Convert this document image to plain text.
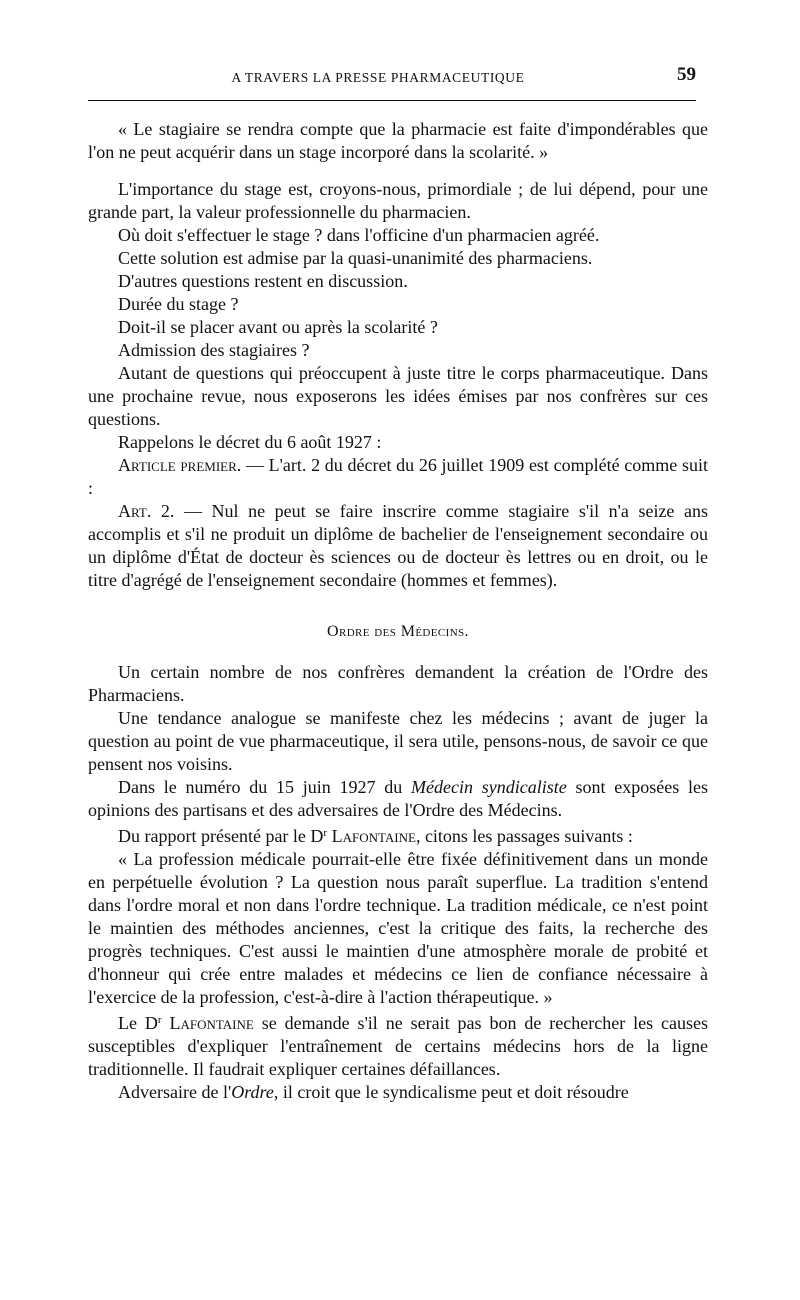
A TRAVERS LA PRESSE PHARMACEUTIQUE	59

« Le stagiaire se rendra compte que la pharmacie est faite d'impondérables que l'on ne peut acquérir dans un stage incorporé dans la scolarité. »

L'importance du stage est, croyons-nous, primordiale ; de lui dépend, pour une grande part, la valeur professionnelle du pharmacien.

Où doit s'effectuer le stage ? dans l'officine d'un pharmacien agréé.

Cette solution est admise par la quasi-unanimité des pharmaciens.

D'autres questions restent en discussion.

Durée du stage ?

Doit-il se placer avant ou après la scolarité ?

Admission des stagiaires ?

Autant de questions qui préoccupent à juste titre le corps pharmaceutique. Dans une prochaine revue, nous exposerons les idées émises par nos confrères sur ces questions.

Rappelons le décret du 6 août 1927 :

Article premier. — L'art. 2 du décret du 26 juillet 1909 est complété comme suit :

Art. 2. — Nul ne peut se faire inscrire comme stagiaire s'il n'a seize ans accomplis et s'il ne produit un diplôme de bachelier de l'enseignement secondaire ou un diplôme d'État de docteur ès sciences ou de docteur ès lettres ou en droit, ou le titre d'agrégé de l'enseignement secondaire (hommes et femmes).

Ordre des Médecins.

Un certain nombre de nos confrères demandent la création de l'Ordre des Pharmaciens.

Une tendance analogue se manifeste chez les médecins ; avant de juger la question au point de vue pharmaceutique, il sera utile, pensons-nous, de savoir ce que pensent nos voisins.

Dans le numéro du 15 juin 1927 du Médecin syndicaliste sont exposées les opinions des partisans et des adversaires de l'Ordre des Médecins.

Du rapport présenté par le $D^r$ Lafontaine, citons les passages suivants :

« La profession médicale pourrait-elle être fixée définitivement dans un monde en perpétuelle évolution ? La question nous paraît superflue. La tradition s'entend dans l'ordre moral et non dans l'ordre technique. La tradition médicale, ce n'est point le maintien des méthodes anciennes, c'est la critique des faits, la recherche des progrès techniques. C'est aussi le maintien d'une atmosphère morale de probité et d'honneur qui crée entre malades et médecins ce lien de confiance nécessaire à l'exercice de la profession, c'est-à-dire à l'action thérapeutique. »

Le $D^r$ Lafontaine se demande s'il ne serait pas bon de rechercher les causes susceptibles d'expliquer l'entraînement de certains médecins hors de la ligne traditionnelle. Il faudrait expliquer certaines défaillances.

Adversaire de l'Ordre, il croit que le syndicalisme peut et doit résoudre
